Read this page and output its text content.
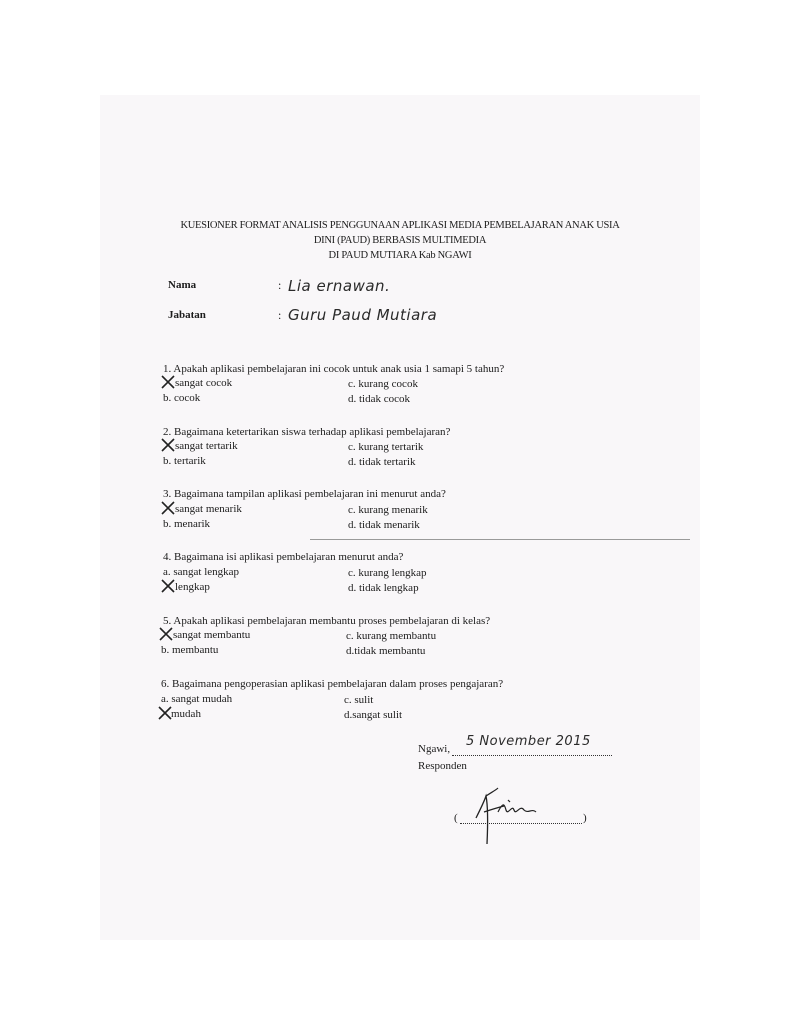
KUESIONER FORMAT ANALISIS PENGGUNAAN APLIKASI MEDIA PEMBELAJARAN ANAK USIA
DINI (PAUD) BERBASIS MULTIMEDIA
DI PAUD MUTIARA Kab NGAWI
Nama	: Lia ernawan.
Jabatan	: Guru Paud Mutiara
1. Apakah aplikasi pembelajaran ini cocok untuk anak usia 1 samapi 5 tahun?
sangat cocok	c. kurang cocok
b. cocok	d. tidak cocok
2. Bagaimana ketertarikan siswa terhadap aplikasi pembelajaran?
sangat tertarik	c. kurang tertarik
b. tertarik	d. tidak tertarik
3. Bagaimana tampilan aplikasi pembelajaran ini menurut anda?
sangat menarik	c. kurang menarik
b. menarik	d. tidak menarik
4. Bagaimana isi aplikasi pembelajaran menurut anda?
a. sangat lengkap	c. kurang lengkap
lengkap	d. tidak lengkap
5. Apakah aplikasi pembelajaran membantu proses pembelajaran di kelas?
sangat membantu	c. kurang membantu
b. membantu	d.tidak membantu
6. Bagaimana pengoperasian aplikasi pembelajaran dalam proses pengajaran?
a. sangat mudah	c. sulit
mudah	d.sangat sulit
Ngawi, 5 November 2015
Responden
(	)
